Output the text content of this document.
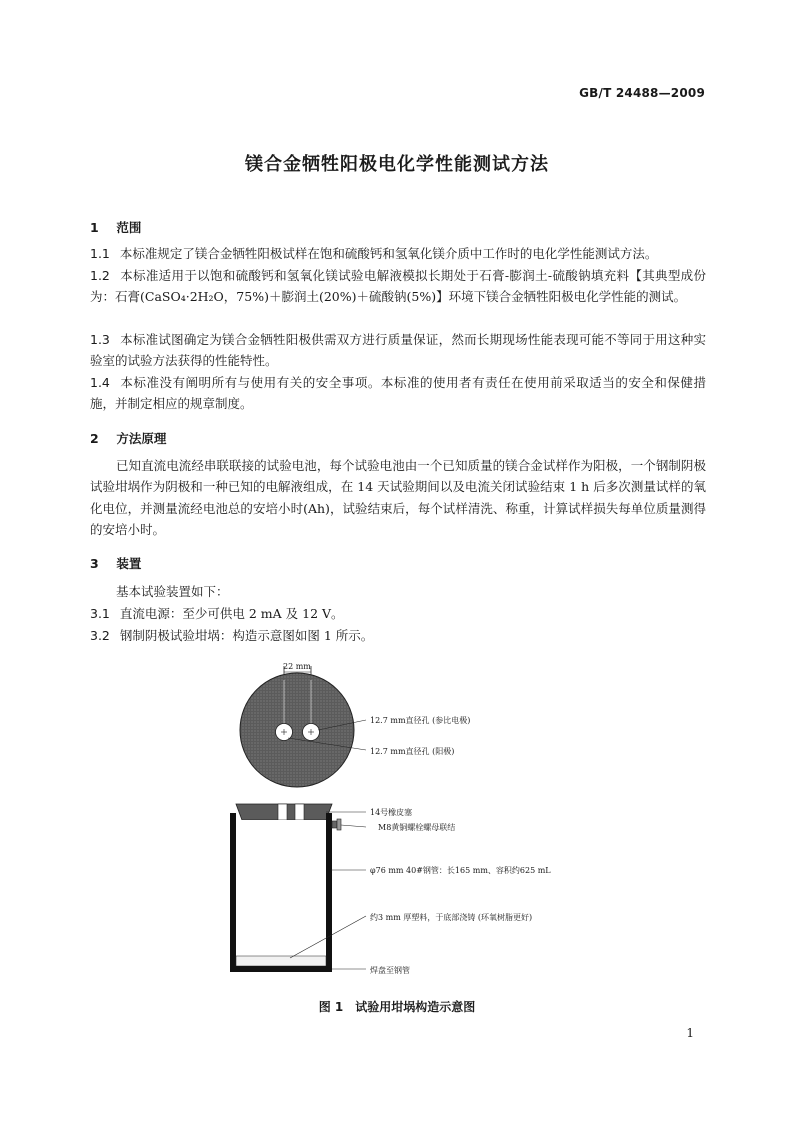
GB/T 24488—2009
镁合金牺牲阳极电化学性能测试方法
1 范围
1.1 本标准规定了镁合金牺牲阳极试样在饱和硫酸钙和氢氧化镁介质中工作时的电化学性能测试方法。
1.2 本标准适用于以饱和硫酸钙和氢氧化镁试验电解液模拟长期处于石膏-膨润土-硫酸钠填充料【其典型成份为：石膏(CaSO₄·2H₂O，75%)＋膨润土(20%)＋硫酸钠(5%)】环境下镁合金牺牲阳极电化学性能的测试。
1.3 本标准试图确定为镁合金牺牲阳极供需双方进行质量保证，然而长期现场性能表现可能不等同于用这种实验室的试验方法获得的性能特性。
1.4 本标准没有阐明所有与使用有关的安全事项。本标准的使用者有责任在使用前采取适当的安全和保健措施，并制定相应的规章制度。
2 方法原理
已知直流电流经串联联接的试验电池，每个试验电池由一个已知质量的镁合金试样作为阳极，一个钢制阴极试验坩埚作为阴极和一种已知的电解液组成，在 14 天试验期间以及电流关闭试验结束 1 h 后多次测量试样的氧化电位，并测量流经电池总的安培小时(Ah)，试验结束后，每个试样清洗、称重，计算试样损失每单位质量测得的安培小时。
3 装置
基本试验装置如下：
3.1 直流电源：至少可供电 2 mA 及 12 V。
3.2 钢制阴极试验坩埚：构造示意图如图 1 所示。
22 mm
12.7 mm直径孔 (参比电极)
12.7 mm直径孔 (阳极)
14号橡皮塞
M8黄铜螺栓螺母联结
φ76 mm 40#钢管：长165 mm、容积约625 mL
约3 mm 厚塑料，于底部浇铸 (环氧树脂更好)
焊盘至钢管
图 1 试验用坩埚构造示意图
1
